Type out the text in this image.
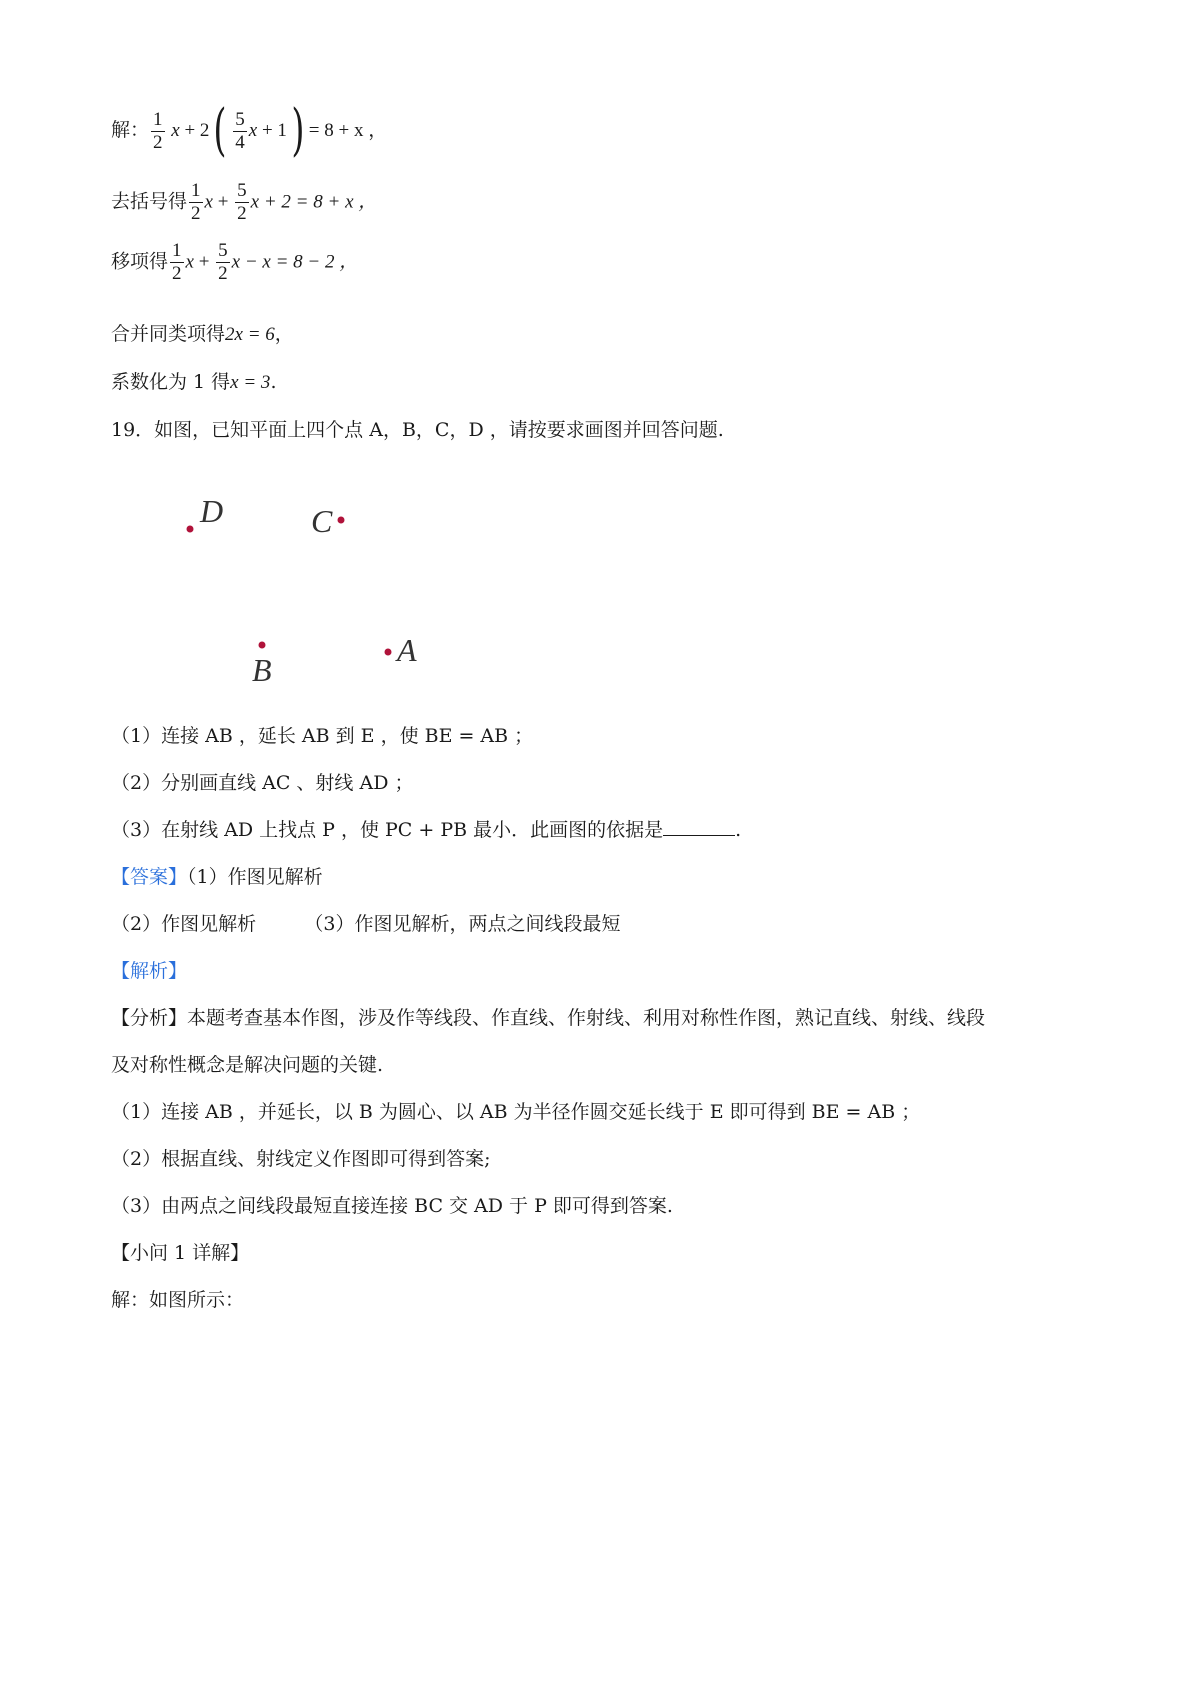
解： $\frac{1}{2}$ $x + 2( \frac{5}{4}$ x + 1) = 8 + x ，
去括号得 $\frac{1}{2}$ $x + \frac{5}{2}$ x + 2 = 8 + x ，
移项得 $\frac{1}{2}$ $x + \frac{5}{2}$ x − x = 8 − 2 ，
合并同类项得2x = 6，
系数化为 1 得x = 3.
19．如图，已知平面上四个点 A，B，C，D ，请按要求画图并回答问题.
D	C
B
A
（1）连接 AB ，延长 AB 到 E ，使 BE = AB ；
（2）分别画直线 AC 、射线 AD ；
（3）在射线 AD 上找点 P ，使 PC + PB 最小．此画图的依据是	.
【答案】（1）作图见解析
（2）作图见解析	（3）作图见解析，两点之间线段最短
【解析】
【分析】本题考查基本作图，涉及作等线段、作直线、作射线、利用对称性作图，熟记直线、射线、线段
及对称性概念是解决问题的关键.
（1）连接 AB ，并延长，以 B 为圆心、以 AB 为半径作圆交延长线于 E 即可得到 BE = AB ；
（2）根据直线、射线定义作图即可得到答案;
（3）由两点之间线段最短直接连接 BC 交 AD 于 P 即可得到答案.
【小问 1 详解】
解：如图所示：
